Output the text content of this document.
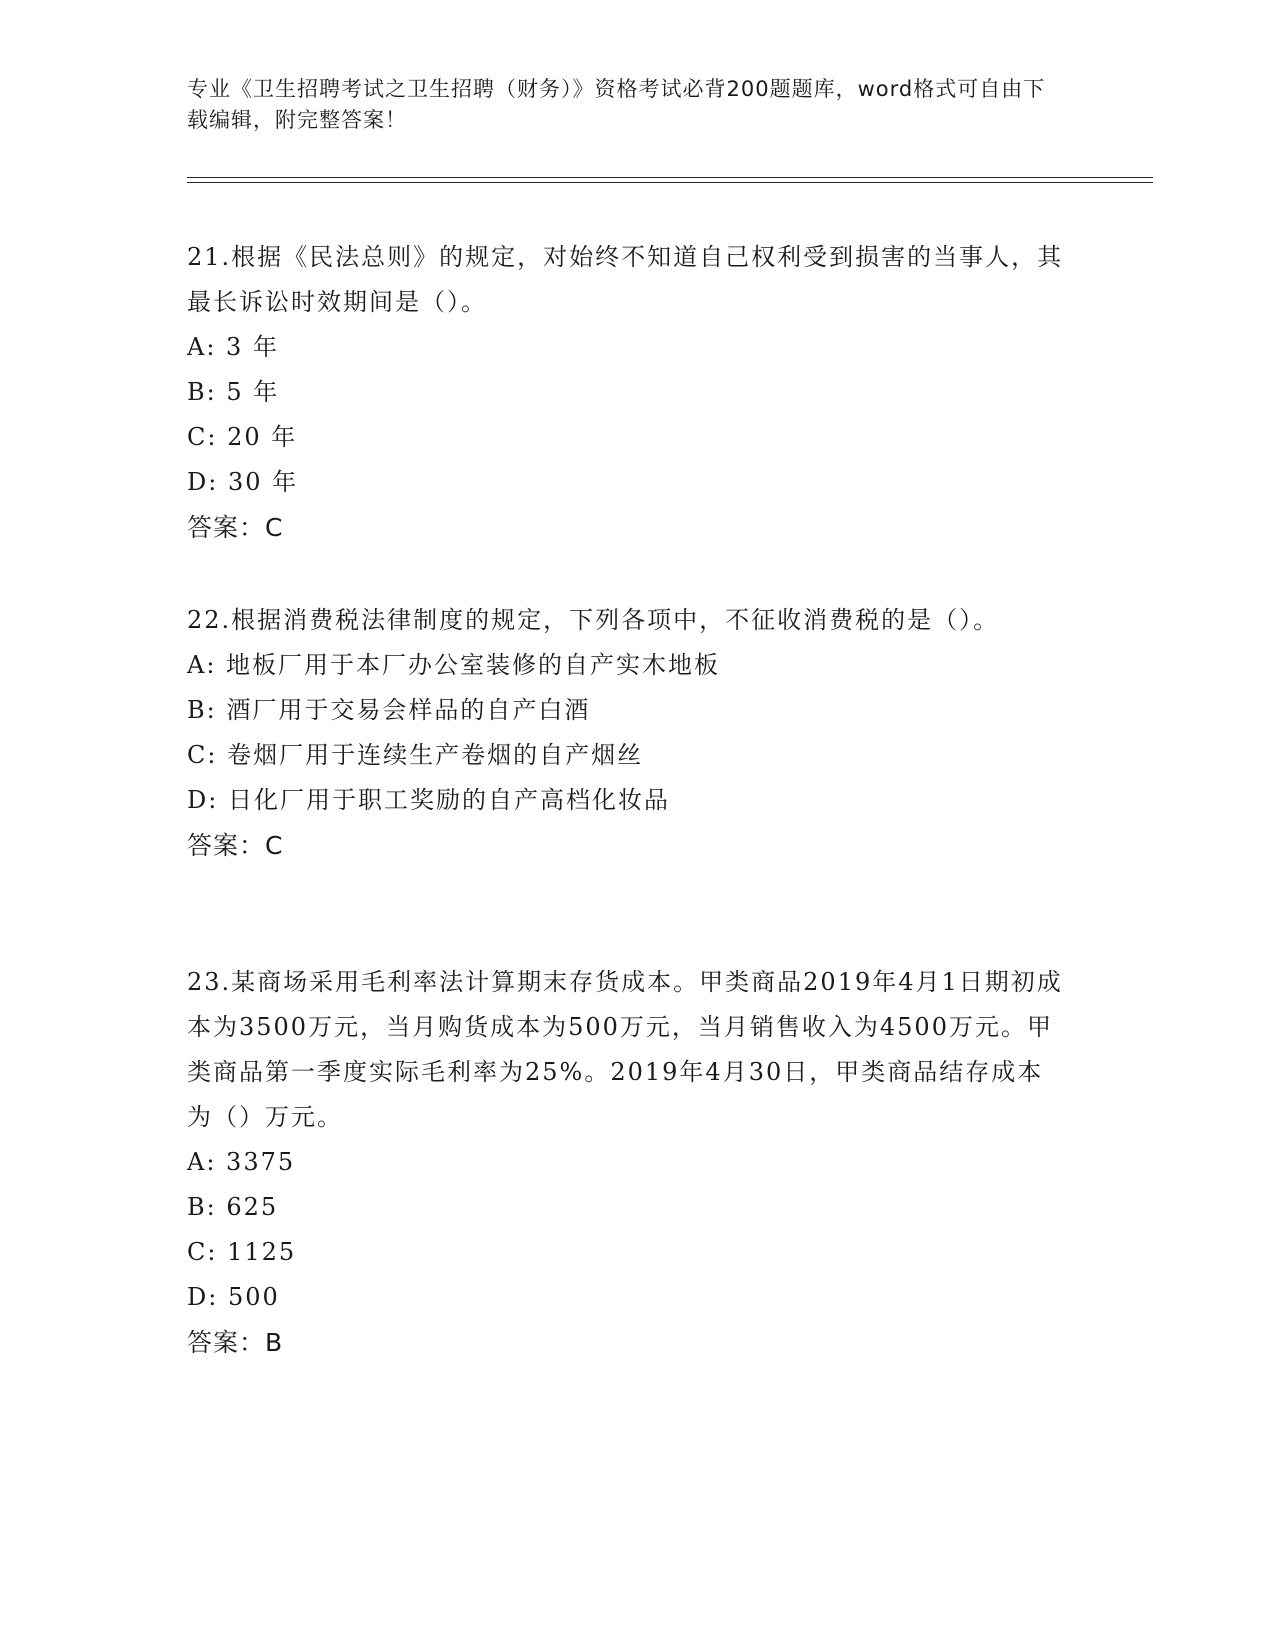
专业《卫生招聘考试之卫生招聘（财务）》资格考试必背200题题库，word格式可自由下载编辑，附完整答案！

21.根据《民法总则》的规定，对始终不知道自己权利受到损害的当事人，其最长诉讼时效期间是（）。

A: 3 年

B: 5 年

C: 20 年

D: 30 年

答案：C

22.根据消费税法律制度的规定，下列各项中，不征收消费税的是（）。

A: 地板厂用于本厂办公室装修的自产实木地板

B: 酒厂用于交易会样品的自产白酒

C: 卷烟厂用于连续生产卷烟的自产烟丝

D: 日化厂用于职工奖励的自产高档化妆品

答案：C

23.某商场采用毛利率法计算期末存货成本。甲类商品2019年4月1日期初成本为3500万元，当月购货成本为500万元，当月销售收入为4500万元。甲类商品第一季度实际毛利率为25%。2019年4月30日，甲类商品结存成本为（）万元。

A: 3375

B: 625

C: 1125

D: 500

答案：B
